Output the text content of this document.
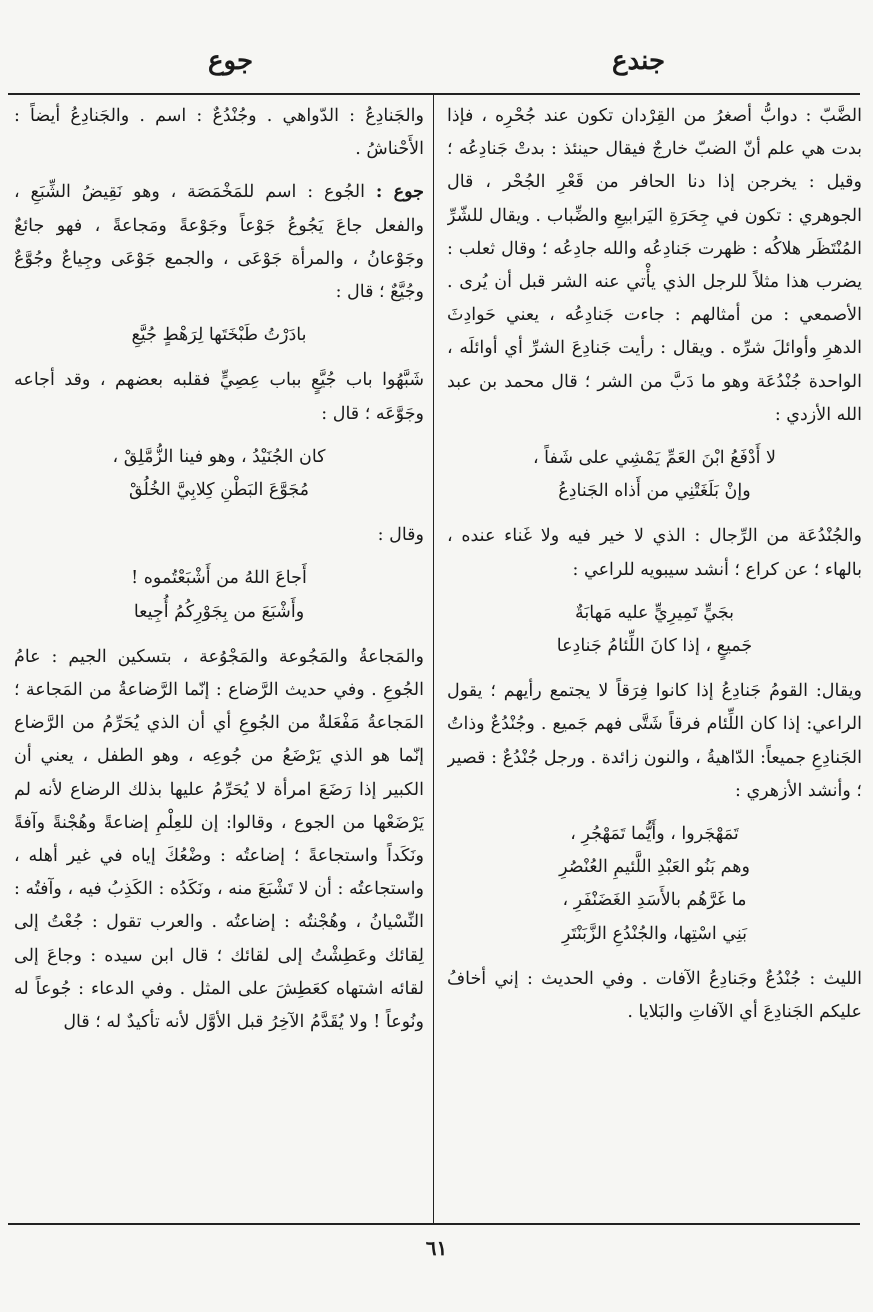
جندع
جوع

الضَّبّ : دوابُّ أصغرُ من القِرْدان تكون عند جُحْرِه ، فإذا بدت هي علم أنّ الضبّ خارجٌ فيقال حينئذ : بدتْ جَنادِعُه ؛ وقيل : يخرجن إذا دنا الحافر من قَعْرِ الجُحْر ، قال الجوهري : تكون في جِحَرَةِ اليَرابيعِ والضِّباب . ويقال للشّرِّ المُنْتَظَر هلاكُه : ظهرت جَنادِعُه والله جادِعُه ؛ وقال ثعلب : يضرب هذا مثلاً للرجل الذي يأْتي عنه الشر قبل أن يُرى . الأصمعي : من أمثالهم : جاءت جَنادِعُه ، يعني حَوادِثَ الدهرِ وأوائلَ شرِّه . ويقال : رأيت جَنادِعَ الشرِّ أي أوائلَه ، الواحدة جُنْدُعَة وهو ما دَبَّ من الشر ؛ قال محمد بن عبد الله الأزدي :

لا أَدْفَعُ ابْنَ العَمِّ يَمْشِي على شَفاً ،
وإنْ بَلَغَتْنِي من أَذاه الجَنادِعُ

والجُنْدُعَة من الرِّجال : الذي لا خير فيه ولا غَناء عنده ، بالهاء ؛ عن كراع ؛ أنشد سيبويه للراعي :

بجَيٍّ تَمِيرِيٍّ عليه مَهابَةٌ
جَميعٍ ، إذا كانَ اللِّئامُ جَنادِعا

ويقال: القومُ جَنادِعُ إذا كانوا فِرَقاً لا يجتمع رأيهم ؛ يقول الراعي: إذا كان اللِّئام فرقاً شَتَّى فهم جَميع . وجُنْدُعٌ وذاتُ الجَنادِعِ جميعاً: الدّاهيةُ ، والنون زائدة . ورجل جُنْدُعٌ : قصير ؛ وأنشد الأزهري :

تَمَهْجَروا ، وأَيُّما تَمَهْجُرِ ،
وهم بَنُو العَبْدِ اللَّئيمِ العُنْصُرِ
ما غَرَّهُم بالأَسَدِ الغَضَنْفَرِ ،
بَنِي اسْتِها، والجُنْدُعِ الزَّبَنْتَرِ

الليث : جُنْدُعٌ وجَنادِعُ الآفات . وفي الحديث : إني أخافُ عليكم الجَنادِعَ أي الآفاتِ والبَلايا .

والجَنادِعُ : الدّواهي . وجُنْدُعٌ : اسم . والجَنادِعُ أيضاً : الأَحْناشُ .

جوع : الجُوع : اسم للمَخْمَصَة ، وهو نَقِيضُ الشِّبَعِ ، والفعل جاعَ يَجُوعُ جَوْعاً وجَوْعةً ومَجاعةً ، فهو جائعٌ وجَوْعانُ ، والمرأة جَوْعَى ، والجمع جَوْعَى وجِياعٌ وجُوَّعٌ وجُيَّعٌ ؛ قال :

بادَرْتُ طَبْخَتَها لِرَهْطٍ جُيَّعِ

شَبَّهُوا باب جُيَّعٍ بباب عِصِيٍّ فقلبه بعضهم ، وقد أجاعه وجَوَّعَه ؛ قال :

كان الجُنَيْدُ ، وهو فينا الزُّمَّلِقْ ،
مُجَوَّعَ البَطْنِ كِلابِيَّ الخُلُقْ

وقال :

أَجاعَ اللهُ من أَشْبَعْتُموه !
وأَشْبَعَ من بِجَوْرِكُمُ أُجِيعا

والمَجاعةُ والمَجُوعة والمَجْوُعة ، بتسكين الجيم : عامُ الجُوعِ . وفي حديث الرَّضاع : إنّما الرَّضاعةُ من المَجاعة ؛ المَجاعةُ مَفْعَلةٌ من الجُوعِ أي أن الذي يُحَرِّمُ من الرَّضاع إنّما هو الذي يَرْضَعُ من جُوعِه ، وهو الطفل ، يعني أن الكبير إذا رَضَعَ امرأة لا يُحَرِّمُ عليها بذلك الرضاع لأنه لم يَرْضَعْها من الجوع ، وقالوا: إن للعِلْمِ إضاعةً وهُجْنةً وآفةً ونَكَداً واستجاعةً ؛ إضاعتُه : وضْعُكَ إياه في غير أهله ، واستجاعتُه : أن لا تَشْبَعَ منه ، ونَكَدُه : الكَذِبُ فيه ، وآفتُه : النِّسْيانُ ، وهُجْنتُه : إضاعتُه . والعرب تقول : جُعْتُ إلى لِقائك وعَطِشْتُ إلى لقائك ؛ قال ابن سيده : وجاعَ إلى لقائه اشتهاه كعَطِشَ على المثل . وفي الدعاء : جُوعاً له ونُوعاً ! ولا يُقَدَّمُ الآخِرُ قبل الأوَّل لأنه تأكيدٌ له ؛ قال

٦١
